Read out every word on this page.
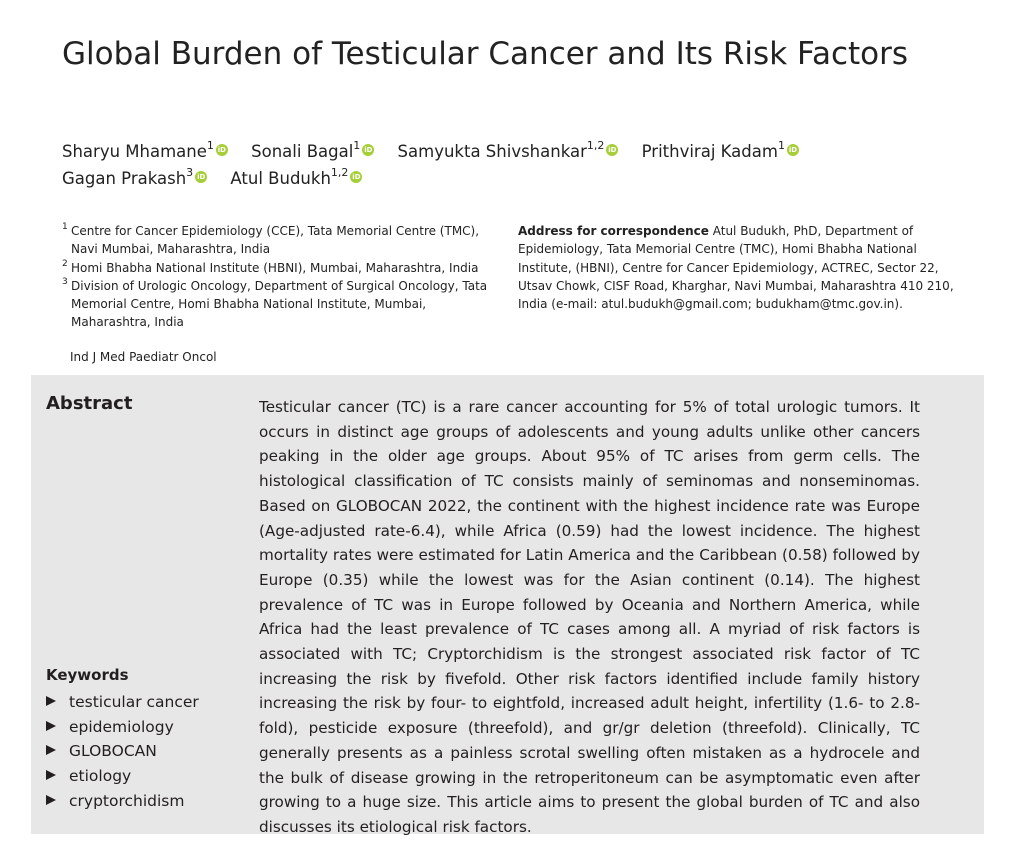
Global Burden of Testicular Cancer and Its Risk Factors
Sharyu Mhamane$^1$ iD Sonali Bagal$^1$ iD Samyukta Shivshankar$^{1,2}$ iD Prithviraj Kadam$^1$ iD
Gagan Prakash$^3$ iD Atul Budukh$^{1,2}$ iD
1 Centre for Cancer Epidemiology (CCE), Tata Memorial Centre (TMC), Navi Mumbai, Maharashtra, India
2 Homi Bhabha National Institute (HBNI), Mumbai, Maharashtra, India
3 Division of Urologic Oncology, Department of Surgical Oncology, Tata Memorial Centre, Homi Bhabha National Institute, Mumbai, Maharashtra, India
Address for correspondence Atul Budukh, PhD, Department of Epidemiology, Tata Memorial Centre (TMC), Homi Bhabha National Institute, (HBNI), Centre for Cancer Epidemiology, ACTREC, Sector 22, Utsav Chowk, CISF Road, Kharghar, Navi Mumbai, Maharashtra 410 210, India (e-mail: atul.budukh@gmail.com; budukham@tmc.gov.in).
Ind J Med Paediatr Oncol
Abstract	Testicular cancer (TC) is a rare cancer accounting for 5% of total urologic tumors. It occurs in distinct age groups of adolescents and young adults unlike other cancers peaking in the older age groups. About 95% of TC arises from germ cells. The histological classification of TC consists mainly of seminomas and nonseminomas. Based on GLOBOCAN 2022, the continent with the highest incidence rate was Europe (Age-adjusted rate-6.4), while Africa (0.59) had the lowest incidence. The highest mortality rates were estimated for Latin America and the Caribbean (0.58) followed by Europe (0.35) while the lowest was for the Asian continent (0.14). The highest prevalence of TC was in Europe followed by Oceania and Northern America, while Africa had the least prevalence of TC cases among all. A myriad of risk factors is associated with TC; Cryptorchidism is the strongest associated risk factor of TC increasing the risk by fivefold. Other risk factors identified include family history increasing the risk by four- to eightfold, increased adult height, infertility (1.6- to 2.8-fold), pesticide exposure (threefold), and gr/gr deletion (threefold). Clinically, TC generally presents as a painless scrotal swelling often mistaken as a hydrocele and the bulk of disease growing in the retroperitoneum can be asymptomatic even after growing to a huge size. This article aims to present the global burden of TC and also discusses its etiological risk factors.
Keywords
testicular cancer
epidemiology
GLOBOCAN
etiology
cryptorchidism
